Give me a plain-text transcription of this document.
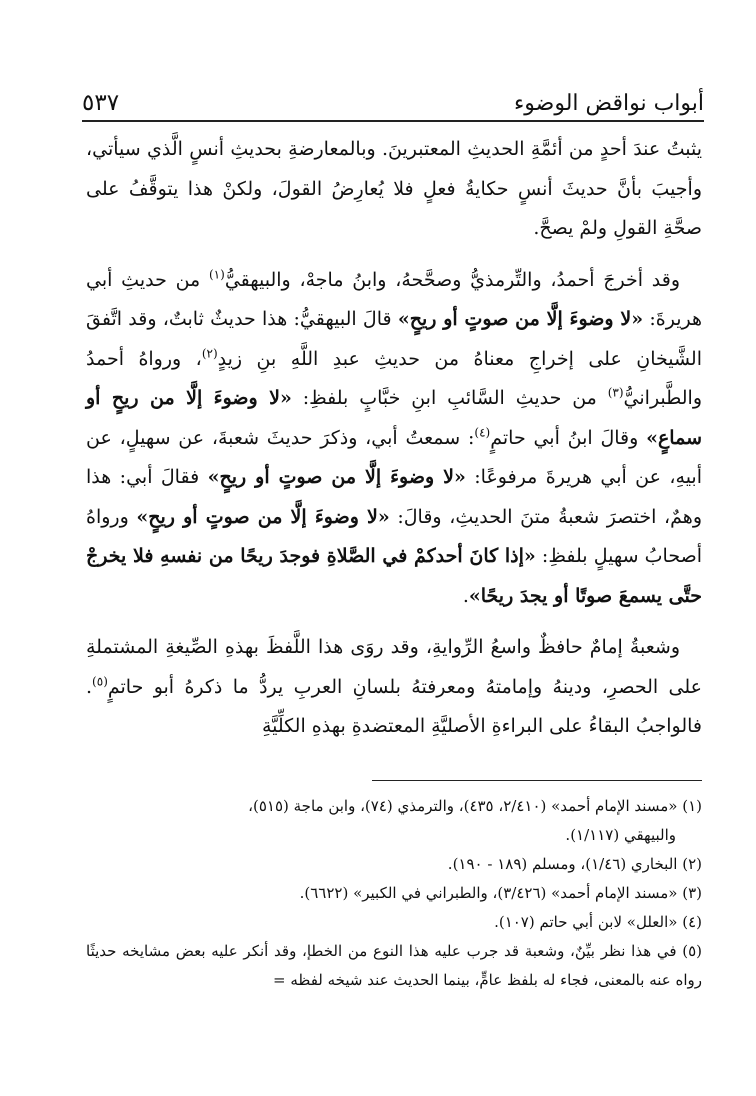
أبواب نواقض الوضوء
٥٣٧

يثبتُ عندَ أحدٍ من أئمَّةِ الحديثِ المعتبرينَ. وبالمعارضةِ بحديثِ أنسٍ الَّذي سيأتي، وأجيبَ بأنَّ حديثَ أنسٍ حكايةُ فعلٍ فلا يُعارِضُ القولَ، ولكنْ هذا يتوقَّفُ على صحَّةِ القولِ ولمْ يصحَّ.

وقد أخرجَ أحمدُ، والتِّرمذيُّ وصحَّحهُ، وابنُ ماجهْ، والبيهقيُّ$^{(١)}$ من حديثِ أبي هريرةَ: «لا وضوءَ إلَّا من صوتٍ أو ريحٍ» قالَ البيهقيُّ: هذا حديثٌ ثابتٌ، وقد اتَّفقَ الشَّيخانِ على إخراجِ معناهُ من حديثِ عبدِ اللَّهِ بنِ زيدٍ$^{(٢)}$، ورواهُ أحمدُ والطَّبرانيُّ$^{(٣)}$ من حديثِ السَّائبِ ابنِ خبَّابٍ بلفظِ: «لا وضوءَ إلَّا من ريحٍ أو سماعٍ» وقالَ ابنُ أبي حاتمٍ$^{(٤)}$: سمعتُ أبي، وذكرَ حديثَ شعبةَ، عن سهيلٍ، عن أبيهِ، عن أبي هريرةَ مرفوعًا: «لا وضوءَ إلَّا من صوتٍ أو ريحٍ» فقالَ أبي: هذا وهمٌ، اختصرَ شعبةُ متنَ الحديثِ، وقالَ: «لا وضوءَ إلَّا من صوتٍ أو ريحٍ» ورواهُ أصحابُ سهيلٍ بلفظِ: «إذا كانَ أحدكمْ في الصَّلاةِ فوجدَ ريحًا من نفسهِ فلا يخرجْ حتَّى يسمعَ صوتًا أو يجدَ ريحًا».

وشعبةُ إمامٌ حافظٌ واسعُ الرِّوايةِ، وقد روَى هذا اللَّفظَ بهذهِ الصِّيغةِ المشتملةِ على الحصرِ، ودينهُ وإمامتهُ ومعرفتهُ بلسانِ العربِ يردُّ ما ذكرهُ أبو حاتمٍ$^{(٥)}$. فالواجبُ البقاءُ على البراءةِ الأصليَّةِ المعتضدةِ بهذهِ الكلِّيَّةِ

(١) «مسند الإمام أحمد» (٢/٤١٠، ٤٣٥)، والترمذي (٧٤)، وابن ماجة (٥١٥)،
والبيهقي (١/١١٧).

(٢) البخاري (١/٤٦)، ومسلم (١٨٩ - ١٩٠).

(٣) «مسند الإمام أحمد» (٣/٤٢٦)، والطبراني في الكبير» (٦٦٢٢).

(٤) «العلل» لابن أبي حاتم (١٠٧).

(٥) في هذا نظر بيِّنٌ، وشعبة قد جرب عليه هذا النوع من الخطإ، وقد أنكر عليه بعض مشايخه حديثًا رواه عنه بالمعنى، فجاء له بلفظ عامٍّ، بينما الحديث عند شيخه لفظه =
